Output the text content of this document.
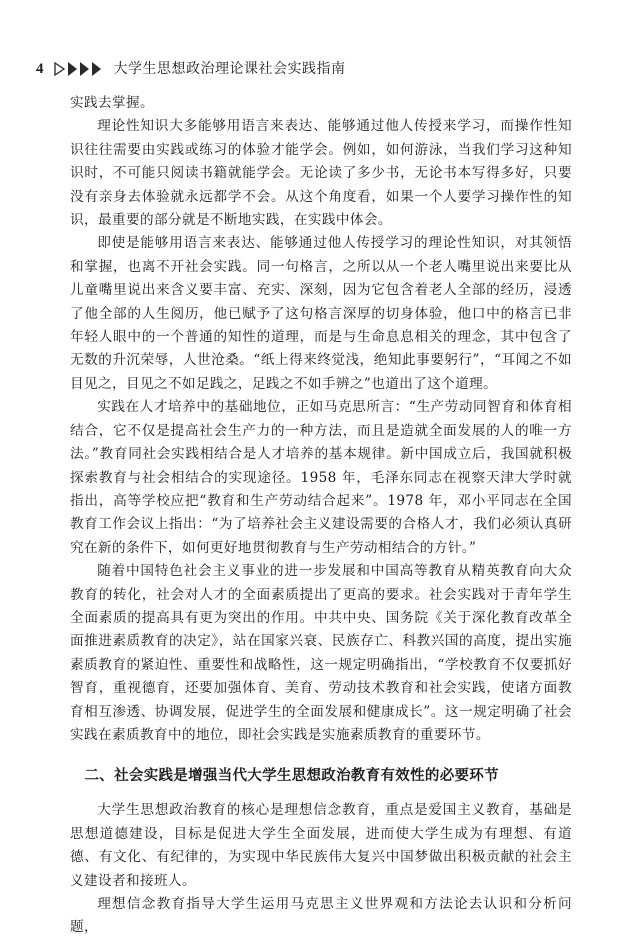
4	大学生思想政治理论课社会实践指南

实践去掌握。

理论性知识大多能够用语言来表达、能够通过他人传授来学习，而操作性知识往往需要由实践或练习的体验才能学会。例如，如何游泳，当我们学习这种知识时，不可能只阅读书籍就能学会。无论读了多少书，无论书本写得多好，只要没有亲身去体验就永远都学不会。从这个角度看，如果一个人要学习操作性的知识，最重要的部分就是不断地实践，在实践中体会。

即使是能够用语言来表达、能够通过他人传授学习的理论性知识，对其领悟和掌握，也离不开社会实践。同一句格言，之所以从一个老人嘴里说出来要比从儿童嘴里说出来含义要丰富、充实、深刻，因为它包含着老人全部的经历，浸透了他全部的人生阅历，他已赋予了这句格言深厚的切身体验，他口中的格言已非年轻人眼中的一个普通的知性的道理，而是与生命息息相关的理念，其中包含了无数的升沉荣辱，人世沧桑。“纸上得来终觉浅，绝知此事要躬行”，“耳闻之不如目见之，目见之不如足践之，足践之不如手辨之”也道出了这个道理。

实践在人才培养中的基础地位，正如马克思所言：“生产劳动同智育和体育相结合，它不仅是提高社会生产力的一种方法，而且是造就全面发展的人的唯一方法。”教育同社会实践相结合是人才培养的基本规律。新中国成立后，我国就积极探索教育与社会相结合的实现途径。1958 年，毛泽东同志在视察天津大学时就指出，高等学校应把“教育和生产劳动结合起来”。1978 年，邓小平同志在全国教育工作会议上指出：“为了培养社会主义建设需要的合格人才，我们必须认真研究在新的条件下，如何更好地贯彻教育与生产劳动相结合的方针。”

随着中国特色社会主义事业的进一步发展和中国高等教育从精英教育向大众教育的转化，社会对人才的全面素质提出了更高的要求。社会实践对于青年学生全面素质的提高具有更为突出的作用。中共中央、国务院《关于深化教育改革全面推进素质教育的决定》，站在国家兴衰、民族存亡、科教兴国的高度，提出实施素质教育的紧迫性、重要性和战略性，这一规定明确指出，“学校教育不仅要抓好智育，重视德育，还要加强体育、美育、劳动技术教育和社会实践，使诸方面教育相互渗透、协调发展，促进学生的全面发展和健康成长”。这一规定明确了社会实践在素质教育中的地位，即社会实践是实施素质教育的重要环节。

二、社会实践是增强当代大学生思想政治教育有效性的必要环节

大学生思想政治教育的核心是理想信念教育，重点是爱国主义教育，基础是思想道德建设，目标是促进大学生全面发展，进而使大学生成为有理想、有道德、有文化、有纪律的，为实现中华民族伟大复兴中国梦做出积极贡献的社会主义建设者和接班人。

理想信念教育指导大学生运用马克思主义世界观和方法论去认识和分析问题，
